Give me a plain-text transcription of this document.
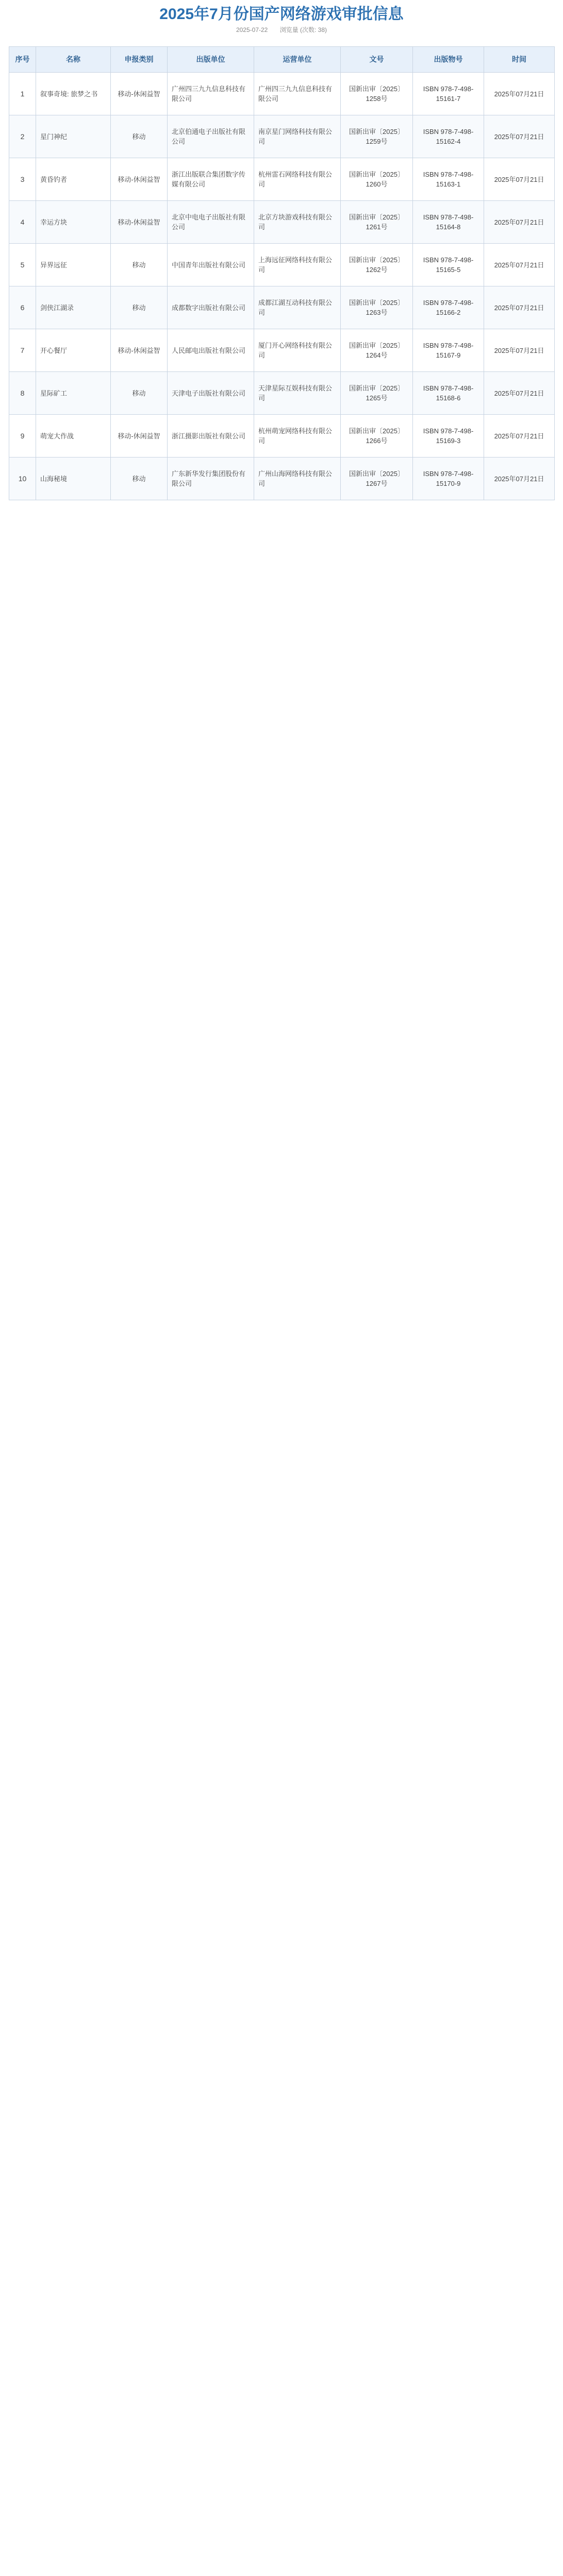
2025年7月份国产网络游戏审批信息
2025-07-22 浏览量 (次数: 38)
序号	名称	申报类别	出版单位	运营单位	文号	出版物号	时间
1	叙事奇境: 旅梦之书	移动-休闲益智	广州四三九九信息科技有限公司	广州四三九九信息科技有限公司	国新出审〔2025〕1258号	ISBN 978-7-498-15161-7	2025年07月21日
2	星门神纪	移动	北京伯通电子出版社有限公司	南京星门网络科技有限公司	国新出审〔2025〕1259号	ISBN 978-7-498-15162-4	2025年07月21日
3	黄昏钓者	移动-休闲益智	浙江出版联合集团数字传媒有限公司	杭州雷石网络科技有限公司	国新出审〔2025〕1260号	ISBN 978-7-498-15163-1	2025年07月21日
4	幸运方块	移动-休闲益智	北京中电电子出版社有限公司	北京方块游戏科技有限公司	国新出审〔2025〕1261号	ISBN 978-7-498-15164-8	2025年07月21日
5	异界远征	移动	中国青年出版社有限公司	上海远征网络科技有限公司	国新出审〔2025〕1262号	ISBN 978-7-498-15165-5	2025年07月21日
6	剑侠江湖录	移动	成都数字出版社有限公司	成都江湖互动科技有限公司	国新出审〔2025〕1263号	ISBN 978-7-498-15166-2	2025年07月21日
7	开心餐厅	移动-休闲益智	人民邮电出版社有限公司	厦门开心网络科技有限公司	国新出审〔2025〕1264号	ISBN 978-7-498-15167-9	2025年07月21日
8	星际矿工	移动	天津电子出版社有限公司	天津星际互娱科技有限公司	国新出审〔2025〕1265号	ISBN 978-7-498-15168-6	2025年07月21日
9	萌宠大作战	移动-休闲益智	浙江摄影出版社有限公司	杭州萌宠网络科技有限公司	国新出审〔2025〕1266号	ISBN 978-7-498-15169-3	2025年07月21日
10	山海秘境	移动	广东新华发行集团股份有限公司	广州山海网络科技有限公司	国新出审〔2025〕1267号	ISBN 978-7-498-15170-9	2025年07月21日
